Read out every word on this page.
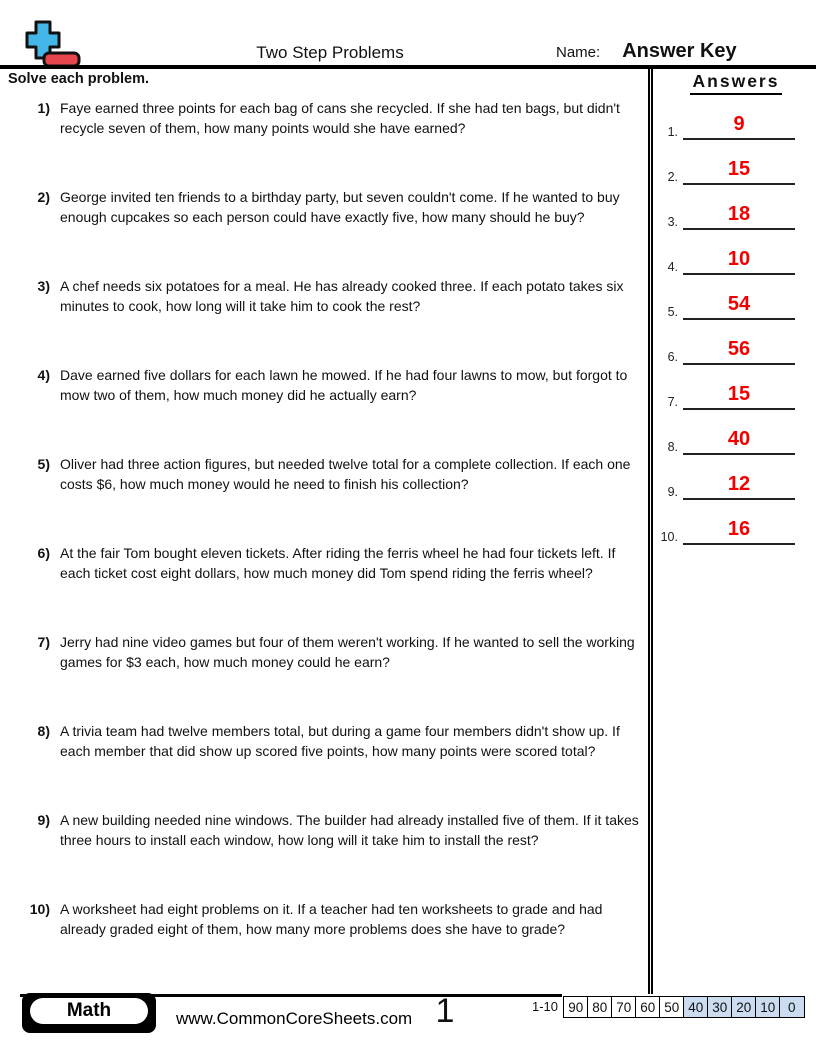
Two Step Problems	Name: Answer Key
Solve each problem.
1) Faye earned three points for each bag of cans she recycled. If she had ten bags, but didn't recycle seven of them, how many points would she have earned?
2) George invited ten friends to a birthday party, but seven couldn't come. If he wanted to buy enough cupcakes so each person could have exactly five, how many should he buy?
3) A chef needs six potatoes for a meal. He has already cooked three. If each potato takes six minutes to cook, how long will it take him to cook the rest?
4) Dave earned five dollars for each lawn he mowed. If he had four lawns to mow, but forgot to mow two of them, how much money did he actually earn?
5) Oliver had three action figures, but needed twelve total for a complete collection. If each one costs $6, how much money would he need to finish his collection?
6) At the fair Tom bought eleven tickets. After riding the ferris wheel he had four tickets left. If each ticket cost eight dollars, how much money did Tom spend riding the ferris wheel?
7) Jerry had nine video games but four of them weren't working. If he wanted to sell the working games for $3 each, how much money could he earn?
8) A trivia team had twelve members total, but during a game four members didn't show up. If each member that did show up scored five points, how many points were scored total?
9) A new building needed nine windows. The builder had already installed five of them. If it takes three hours to install each window, how long will it take him to install the rest?
10) A worksheet had eight problems on it. If a teacher had ten worksheets to grade and had already graded eight of them, how many more problems does she have to grade?
Answers
1.	9
2. 15
3. 18
4. 10
5. 54
6. 56
7. 15
8. 40
9. 12
10. 16
Math	www.CommonCoreSheets.com 1	1-10 90 80 70 60 50 40 30 20 10 0
